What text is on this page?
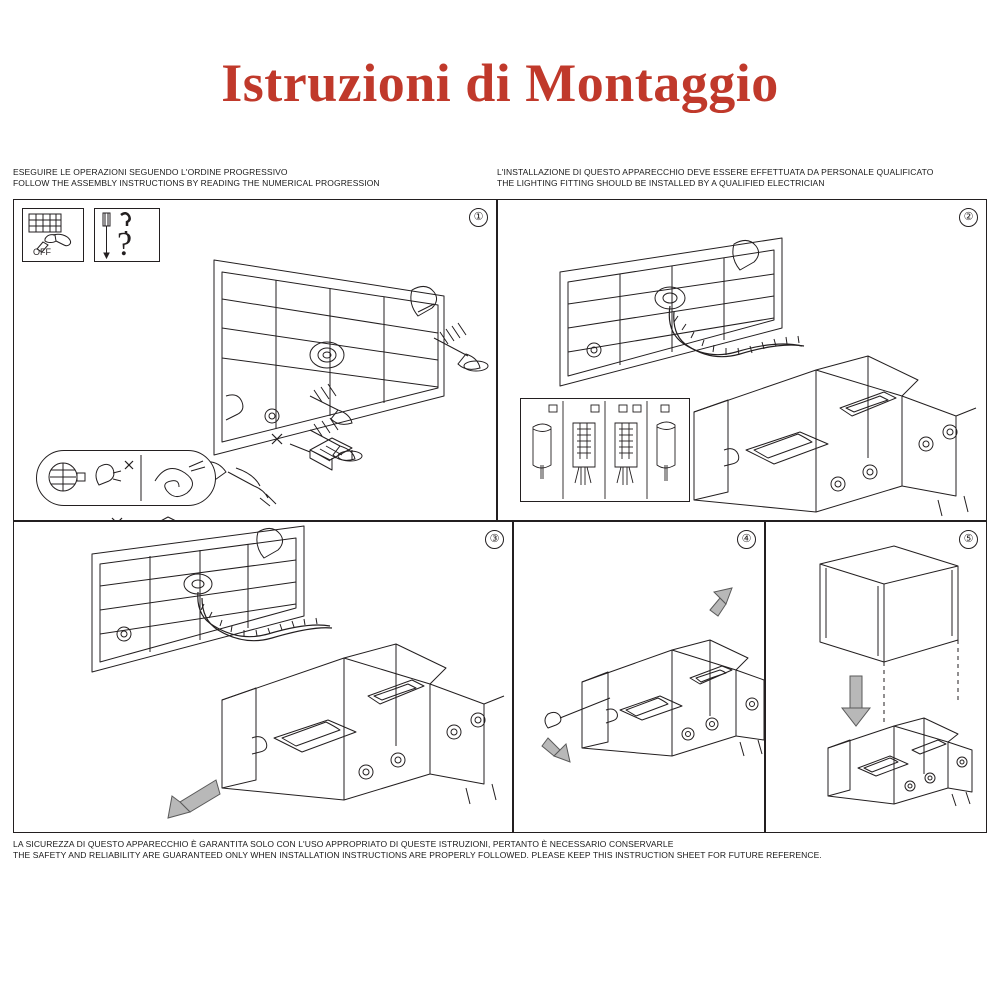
Istruzioni di Montaggio
ESEGUIRE LE OPERAZIONI SEGUENDO L'ORDINE PROGRESSIVO
FOLLOW THE ASSEMBLY INSTRUCTIONS BY READING THE NUMERICAL PROGRESSION
L'INSTALLAZIONE DI QUESTO APPARECCHIO DEVE ESSERE EFFETTUATA DA PERSONALE QUALIFICATO
THE LIGHTING FITTING SHOULD BE INSTALLED BY A QUALIFIED ELECTRICIAN
LA SICUREZZA DI QUESTO APPARECCHIO È GARANTITA SOLO CON L'USO APPROPRIATO DI QUESTE ISTRUZIONI, PERTANTO È NECESSARIO CONSERVARLE
THE SAFETY AND RELIABILITY ARE GUARANTEED ONLY WHEN INSTALLATION INSTRUCTIONS ARE PROPERLY FOLLOWED. PLEASE KEEP THIS INSTRUCTION SHEET FOR FUTURE REFERENCE.
①
OFF ?
②
③	④	⑤
